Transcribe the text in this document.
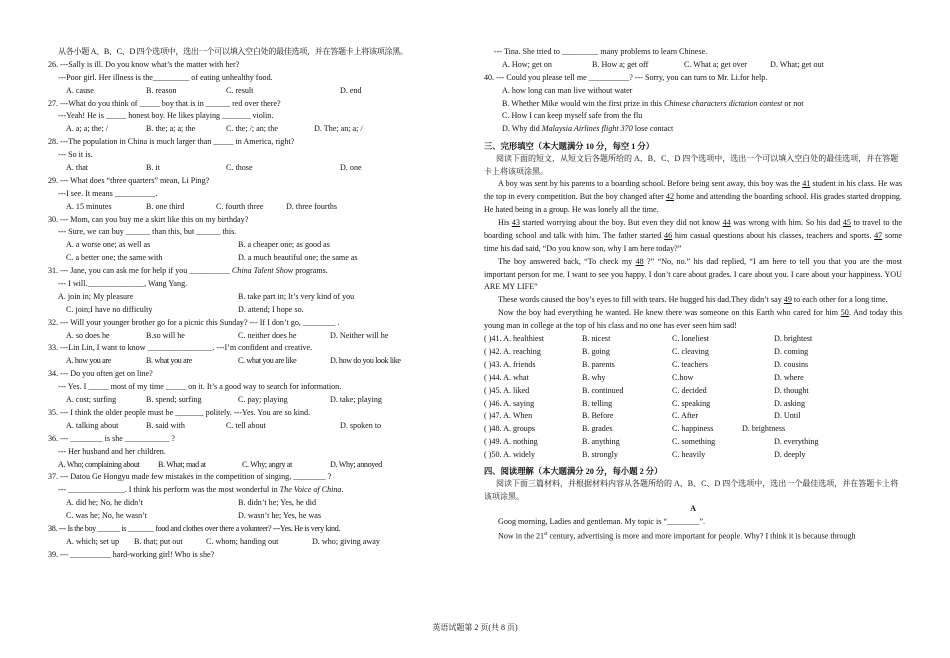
从各小题 A、B、C、D 四个选项中，选出一个可以填入空白处的最佳选项，并在答题卡上将该项涂黑。
26. ---Sally is ill. Do you know what’s the matter with her?
---Poor girl. Her illness is the_________ of eating unhealthy food.
A. cause	B. reason	C. result	D. end
27. ---What do you think of _____ boy that is in ______ red over there?
---Yeah! He is _____ honest boy. He likes playing _______ violin.
A. a; a; the; /	B. the; a; a; the	C. the; /; an; the	D. The; an; a; /
28. ---The population in China is much larger than _____ in America, right?
--- So it is.
A. that	B. it	C. those	D. one
29. --- What does “three quarters” mean, Li Ping?
---I see. It means __________.
A. 15 minutes	B. one third	C. fourth three	D. three fourths
30. --- Mom, can you buy me a skirt like this on my birthday?
--- Sure, we can buy ______ than this, but ______ this.
A. a worse one; as well as	B. a cheaper one; as good as
C. a better one; the same with	D. a much beautiful one; the same as
31. --- Jane, you can ask me for help if you __________ China Talent Show programs.
--- I will.______________, Wang Yang.
A. join in; My pleasure	B. take part in; It’s very kind of you
C. join;I have no difficulty	D. attend; I hope so.
32. --- Will your younger brother go for a picnic this Sunday? --- If I don’t go, ________ .
A. so does he	B.so will he	C. neither does he	D. Neither will he
33. ---Lin Lin, I want to know ________________. ---I’m confident and creative.
A. how you are	B. what you are	C. what you are like	D. how do you look like
34. --- Do you often get on line?
--- Yes. I _____ most of my time _____ on it. It’s a good way to search for information.
A. cost; surfing	B. spend; surfing	C. pay; playing	D. take; playing
35. --- I think the older people must be _______ politely. ---Yes. You are so kind.
A. talking about	B. said with	C. tell about	D. spoken to
36. --- ________ is she ___________ ?
--- Her husband and her children.
A. Who; complaining about B. What; mad at	C. Why; angry at	D. Why; annoyed
37. --- Datou Ge Hongyu made few mistakes in the competition of singing, ________ ?
--- ______________. I think his perform was the most wonderful in The Voice of China.
A. did he; No, he didn’t	B. didn’t he; Yes, he did
C. was he; No, he wasn’t	D. wasn’t he; Yes, he was
38. --- Is the boy ______ is _______ food and clothes over there a volunteer? ---Yes. He is very kind.
A. which; set up B. that; put out	C. whom; handing out	D. who; giving away
39. --- __________ hard-working girl! Who is she?
--- Tina. She tried to _________ many problems to learn Chinese.
A. How; get on	B. How a; get off	C. What a; get over	D. What; get out
40. --- Could you please tell me __________? --- Sorry, you can turn to Mr. Li.for help.
A. how long can man live without water
B. Whether Mike would win the first prize in this Chinese characters dictation contest or not
C. How I can keep myself safe from the flu
D. Why did Malaysia Airlines flight 370 lose contact
三、完形填空（本大题满分 10 分，每空 1 分）

阅读下面的短文，从短文后各题所给的 A、B、C、D 四个选项中，选出一个可以填入空白处的最佳选项，并在答题卡上将该项涂黑。

A boy was sent by his parents to a boarding school. Before being sent away, this boy was the 41 student in his class. He was the top in every competition. But the boy changed after 42 home and attending the boarding school. His grades started dropping. He hated being in a group. He was lonely all the time.

His 43 started worrying about the boy. But even they did not know 44 was wrong with him. So his dad 45 to travel to the boarding school and talk with him. The father started 46 him casual questions about his classes, teachers and sports. 47 some time his dad said, “Do you know son, why I am here today?”

The boy answered back, “To check my 48 ?” “No, no.” his dad replied, “I am here to tell you that you are the most important person for me. I want to see you happy. I don’t care about grades. I care about you. I care about your happiness. YOU ARE MY LIFE”

These words caused the boy’s eyes to fill with tears. He hugged his dad.They didn’t say 49 to each other for a long time.

Now the boy had everything he wanted. He knew there was someone on this Earth who cared for him 50. And today this young man in college at the top of his class and no one has ever seen him sad!

( )41. A. healthiest	B. nicest	C. loneliest	D. brightest
( )42. A. reaching	B. going	C. cleaving	D. coming
( )43. A. friends	B. parents	C. teachers	D. cousins
( )44. A. what	B. why	C.how	D. where
( )45. A. liked	B. continued	C. decided	D. thought
( )46. A. saying	B. telling	C. speaking	D. asking
( )47. A. When	B. Before	C. After	D. Until
( )48. A. groups	B. grades	C. happiness	D. brightness
( )49. A. nothing	B. anything	C. something	D. everything
( )50. A. widely	B. strongly	C. heavily	D. deeply
四、阅读理解（本大题满分 20 分，每小题 2 分）

阅读下面三篇材料，并根据材料内容从各题所给的 A、B、C、D 四个选项中，选出一个最佳选项，并在答题卡上将该项涂黑。

A

Goog morning, Ladies and gentleman. My topic is “________”.

Now in the 21st century, advertising is more and more important for people. Why? I think it is because through

英语试题第 2 页(共 8 页)
